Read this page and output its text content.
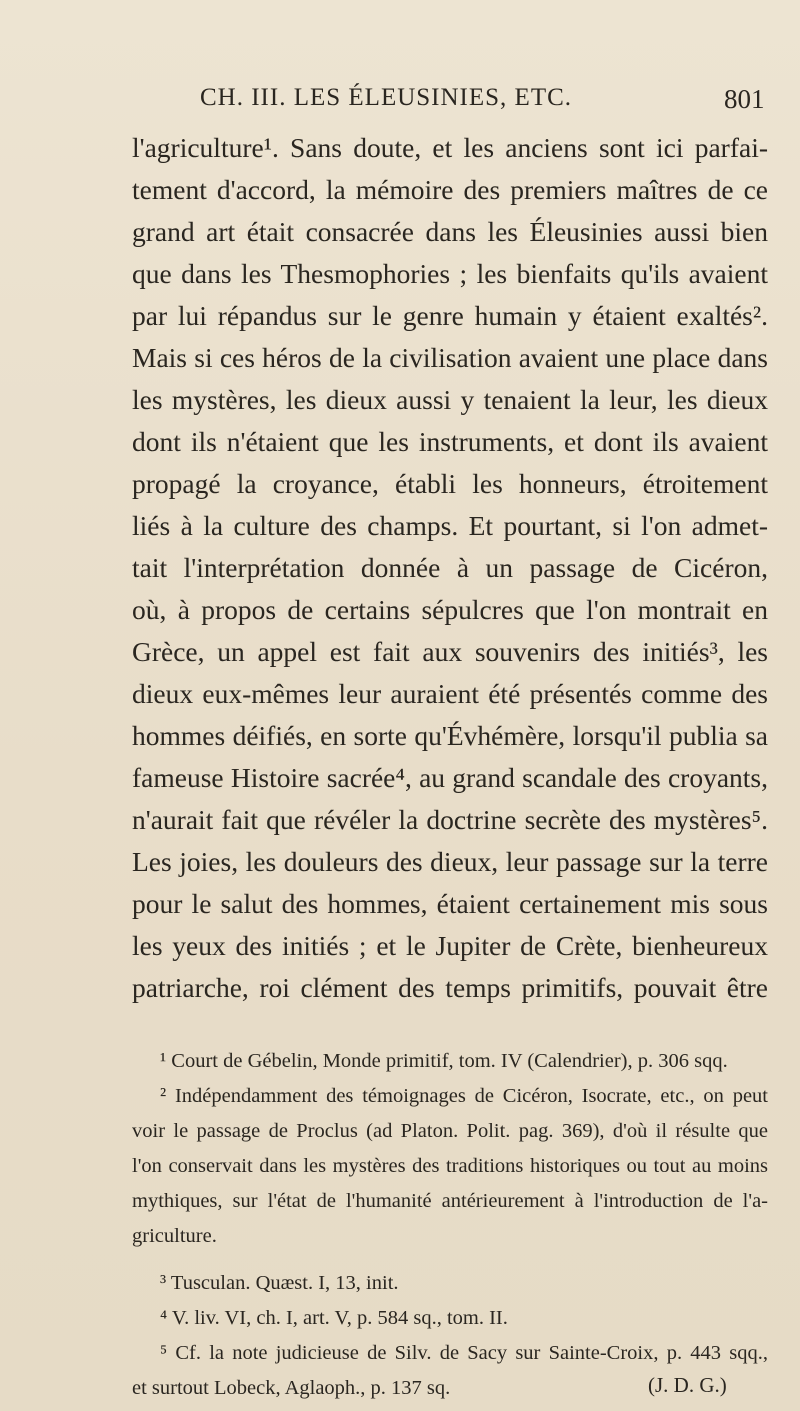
CH. III. LES ÉLEUSINIES, ETC.	801
l'agriculture¹. Sans doute, et les anciens sont ici parfai-
tement d'accord, la mémoire des premiers maîtres de ce
grand art était consacrée dans les Éleusinies aussi bien
que dans les Thesmophories ; les bienfaits qu'ils avaient
par lui répandus sur le genre humain y étaient exaltés².
Mais si ces héros de la civilisation avaient une place dans
les mystères, les dieux aussi y tenaient la leur, les dieux
dont ils n'étaient que les instruments, et dont ils avaient
propagé la croyance, établi les honneurs, étroitement
liés à la culture des champs. Et pourtant, si l'on admet-
tait l'interprétation donnée à un passage de Cicéron,
où, à propos de certains sépulcres que l'on montrait en
Grèce, un appel est fait aux souvenirs des initiés³, les
dieux eux-mêmes leur auraient été présentés comme des
hommes déifiés, en sorte qu'Évhémère, lorsqu'il publia sa
fameuse Histoire sacrée⁴, au grand scandale des croyants,
n'aurait fait que révéler la doctrine secrète des mystères⁵.
Les joies, les douleurs des dieux, leur passage sur la terre
pour le salut des hommes, étaient certainement mis sous
les yeux des initiés ; et le Jupiter de Crète, bienheureux
patriarche, roi clément des temps primitifs, pouvait être
¹ Court de Gébelin, Monde primitif, tom. IV (Calendrier), p. 306 sqq.
² Indépendamment des témoignages de Cicéron, Isocrate, etc., on peut
voir le passage de Proclus (ad Platon. Polit. pag. 369), d'où il résulte que
l'on conservait dans les mystères des traditions historiques ou tout au moins
mythiques, sur l'état de l'humanité antérieurement à l'introduction de l'a-
griculture.
³ Tusculan. Quæst. I, 13, init.
⁴ V. liv. VI, ch. I, art. V, p. 584 sq., tom. II.
⁵ Cf. la note judicieuse de Silv. de Sacy sur Sainte-Croix, p. 443 sqq.,
et surtout Lobeck, Aglaoph., p. 137 sq.	(J. D. G.)
